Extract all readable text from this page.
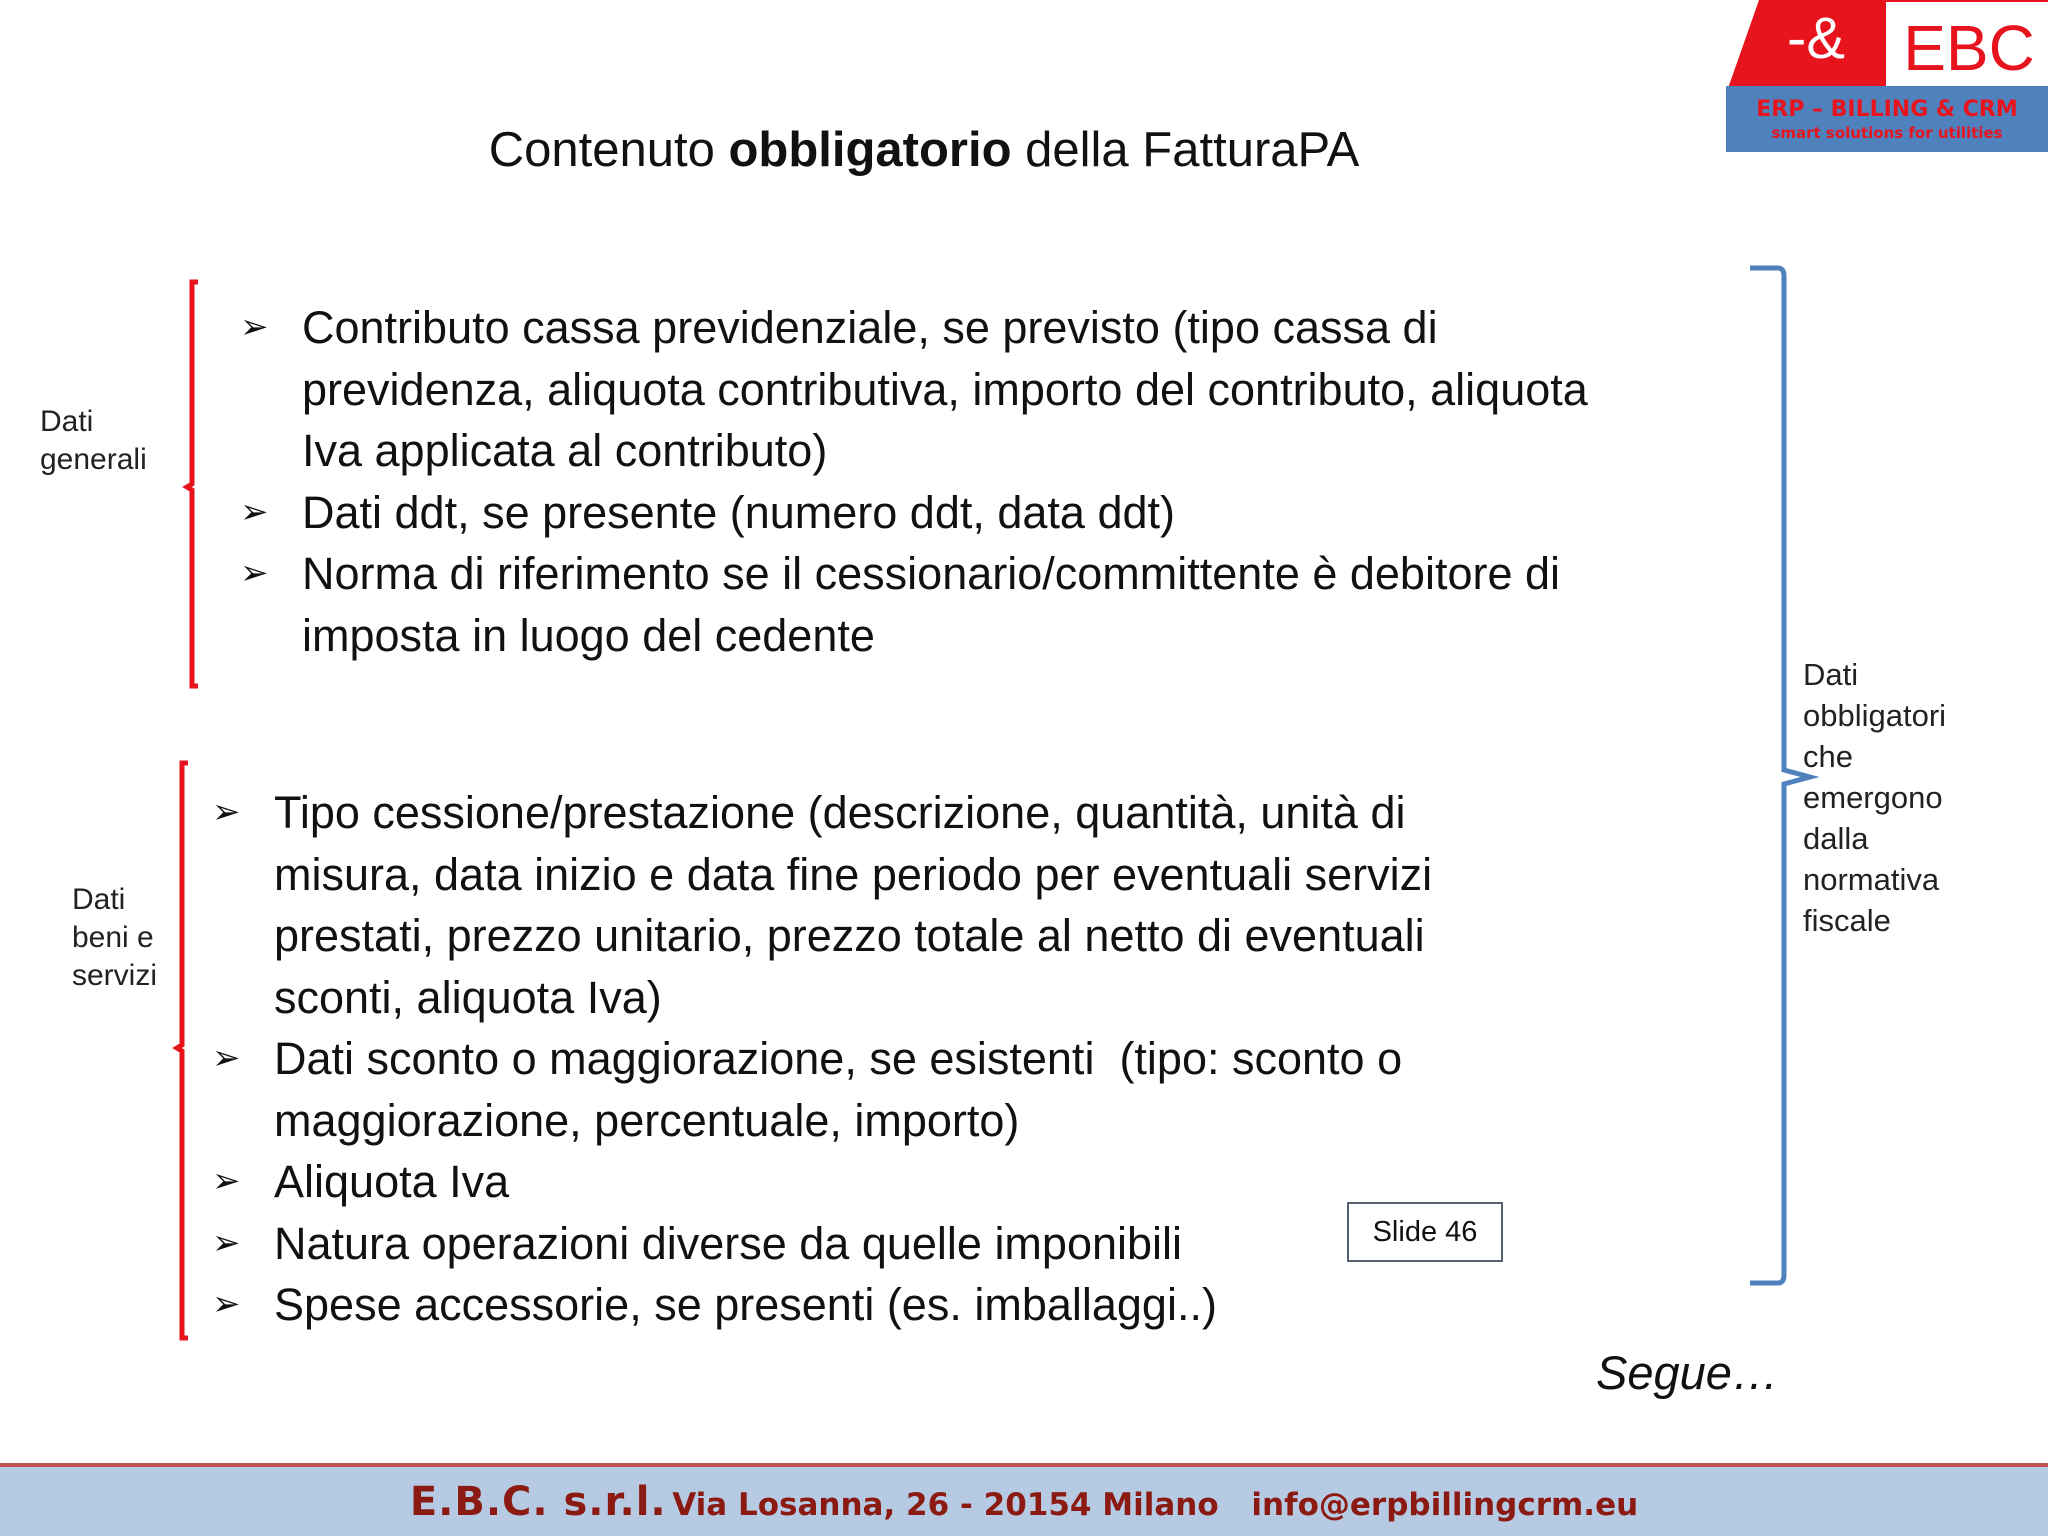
-& EBC
ERP – BILLING & CRM
smart solutions for utilities
Contenuto obbligatorio della FatturaPA
Dati
generali
Dati
beni e
servizi
Dati
obbligatori
che
emergono
dalla
normativa
fiscale
➢ Contributo cassa previdenziale, se previsto (tipo cassa di
previdenza, aliquota contributiva, importo del contributo, aliquota
Iva applicata al contributo)
➢ Dati ddt, se presente (numero ddt, data ddt)
➢ Norma di riferimento se il cessionario/committente è debitore di
imposta in luogo del cedente
➢ Tipo cessione/prestazione (descrizione, quantità, unità di
misura, data inizio e data fine periodo per eventuali servizi
prestati, prezzo unitario, prezzo totale al netto di eventuali
sconti, aliquota Iva)
➢ Dati sconto o maggiorazione, se esistenti  (tipo: sconto o
maggiorazione, percentuale, importo)
➢ Aliquota Iva
➢ Natura operazioni diverse da quelle imponibili
➢ Spese accessorie, se presenti (es. imballaggi..)
Slide 46
Segue…
E.B.C. s.r.l. Via Losanna, 26 - 20154 Milano info@erpbillingcrm.eu
